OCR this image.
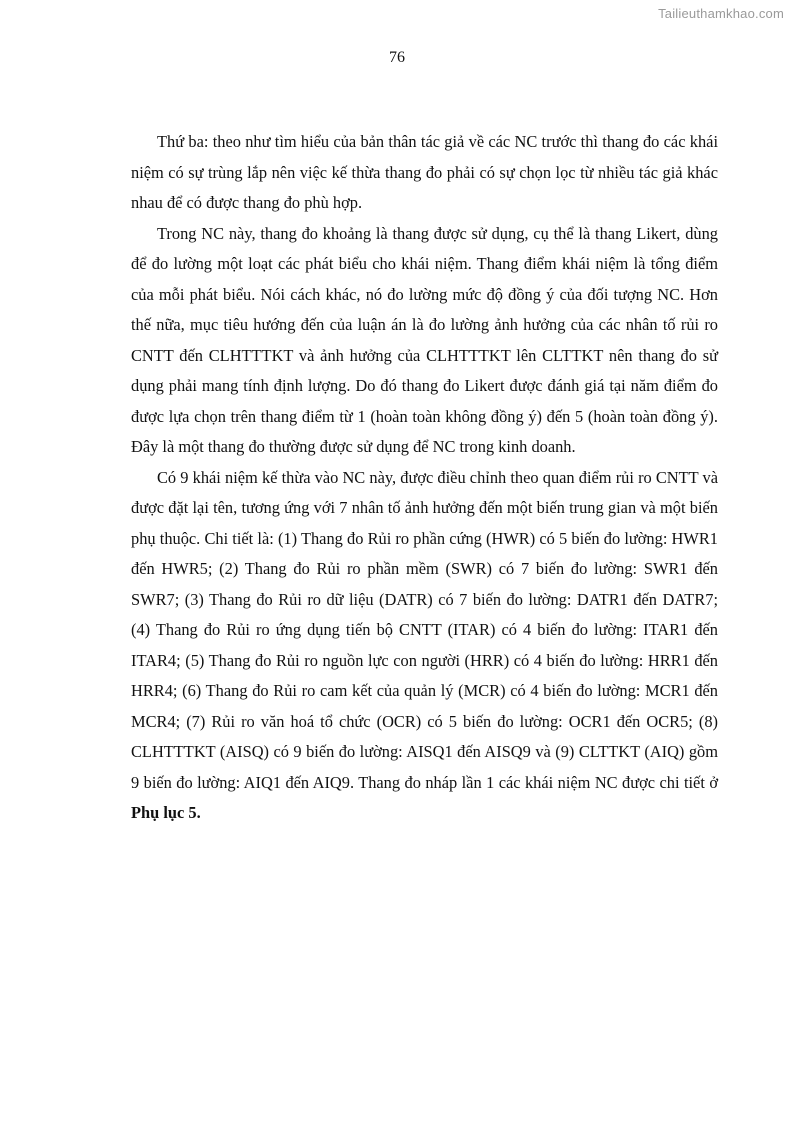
Tailieuthamkhao.com
76

Thứ ba: theo như tìm hiểu của bản thân tác giả về các NC trước thì thang đo các khái niệm có sự trùng lắp nên việc kế thừa thang đo phải có sự chọn lọc từ nhiều tác giả khác nhau để có được thang đo phù hợp.

Trong NC này, thang đo khoảng là thang được sử dụng, cụ thể là thang Likert, dùng để đo lường một loạt các phát biểu cho khái niệm. Thang điểm khái niệm là tổng điểm của mỗi phát biểu. Nói cách khác, nó đo lường mức độ đồng ý của đối tượng NC. Hơn thế nữa, mục tiêu hướng đến của luận án là đo lường ảnh hưởng của các nhân tố rủi ro CNTT đến CLHTTTKT và ảnh hưởng của CLHTTTKT lên CLTTKT nên thang đo sử dụng phải mang tính định lượng. Do đó thang đo Likert được đánh giá tại năm điểm đo được lựa chọn trên thang điểm từ 1 (hoàn toàn không đồng ý) đến 5 (hoàn toàn đồng ý). Đây là một thang đo thường được sử dụng để NC trong kinh doanh.

Có 9 khái niệm kế thừa vào NC này, được điều chỉnh theo quan điểm rủi ro CNTT và được đặt lại tên, tương ứng với 7 nhân tố ảnh hưởng đến một biến trung gian và một biến phụ thuộc. Chi tiết là: (1) Thang đo Rủi ro phần cứng (HWR) có 5 biến đo lường: HWR1 đến HWR5; (2) Thang đo Rủi ro phần mềm (SWR) có 7 biến đo lường: SWR1 đến SWR7; (3) Thang đo Rủi ro dữ liệu (DATR) có 7 biến đo lường: DATR1 đến DATR7; (4) Thang đo Rủi ro ứng dụng tiến bộ CNTT (ITAR) có 4 biến đo lường: ITAR1 đến ITAR4; (5) Thang đo Rủi ro nguồn lực con người (HRR) có 4 biến đo lường: HRR1 đến HRR4; (6) Thang đo Rủi ro cam kết của quản lý (MCR) có 4 biến đo lường: MCR1 đến MCR4; (7) Rủi ro văn hoá tổ chức (OCR) có 5 biến đo lường: OCR1 đến OCR5; (8) CLHTTTKT (AISQ) có 9 biến đo lường: AISQ1 đến AISQ9 và (9) CLTTKT (AIQ) gồm 9 biến đo lường: AIQ1 đến AIQ9. Thang đo nháp lần 1 các khái niệm NC được chi tiết ở Phụ lục 5.
